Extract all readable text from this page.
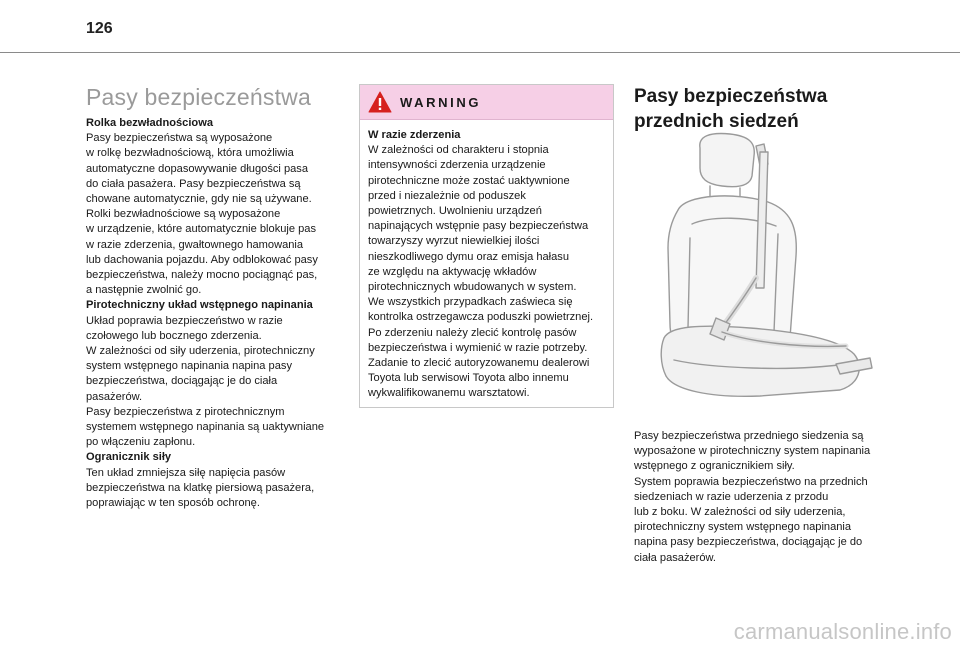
126
Pasy bezpieczeństwa

Rolka bezwładnościowa

Pasy bezpieczeństwa są wyposażone

w rolkę bezwładnościową, która umożliwia

automatyczne dopasowywanie długości pasa

do ciała pasażera. Pasy bezpieczeństwa są

chowane automatycznie, gdy nie są używane.

Rolki bezwładnościowe są wyposażone

w urządzenie, które automatycznie blokuje pas

w razie zderzenia, gwałtownego hamowania

lub dachowania pojazdu. Aby odblokować pasy

bezpieczeństwa, należy mocno pociągnąć pas,

a następnie zwolnić go.

Pirotechniczny układ wstępnego napinania

Układ poprawia bezpieczeństwo w razie

czołowego lub bocznego zderzenia.

W zależności od siły uderzenia, pirotechniczny

system wstępnego napinania napina pasy

bezpieczeństwa, dociągając je do ciała

pasażerów.

Pasy bezpieczeństwa z pirotechnicznym

systemem wstępnego napinania są uaktywniane

po włączeniu zapłonu.

Ogranicznik siły

Ten układ zmniejsza siłę napięcia pasów

bezpieczeństwa na klatkę piersiową pasażera,

poprawiając w ten sposób ochronę.

WARNING

W razie zderzenia

W zależności od charakteru i stopnia

intensywności zderzenia urządzenie

pirotechniczne może zostać uaktywnione

przed i niezależnie od poduszek

powietrznych. Uwolnieniu urządzeń

napinających wstępnie pasy bezpieczeństwa

towarzyszy wyrzut niewielkiej ilości

nieszkodliwego dymu oraz emisja hałasu

ze względu na aktywację wkładów

pirotechnicznych wbudowanych w system.

We wszystkich przypadkach zaświeca się

kontrolka ostrzegawcza poduszki powietrznej.

Po zderzeniu należy zlecić kontrolę pasów

bezpieczeństwa i wymienić w razie potrzeby.

Zadanie to zlecić autoryzowanemu dealerowi

Toyota lub serwisowi Toyota albo innemu

wykwalifikowanemu warsztatowi.

Pasy bezpieczeństwa
przednich siedzeń

Pasy bezpieczeństwa przedniego siedzenia są

wyposażone w pirotechniczny system napinania

wstępnego z ogranicznikiem siły.

System poprawia bezpieczeństwo na przednich

siedzeniach w razie uderzenia z przodu

lub z boku. W zależności od siły uderzenia,

pirotechniczny system wstępnego napinania

napina pasy bezpieczeństwa, dociągając je do

ciała pasażerów.

carmanualsonline.info
